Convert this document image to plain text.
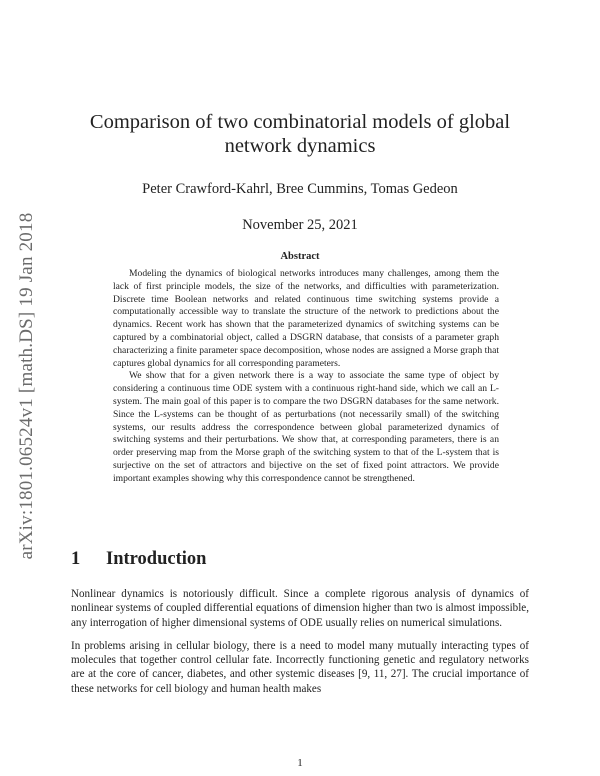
arXiv:1801.06524v1 [math.DS] 19 Jan 2018
Comparison of two combinatorial models of global network dynamics
Peter Crawford-Kahrl, Bree Cummins, Tomas Gedeon
November 25, 2021
Abstract

Modeling the dynamics of biological networks introduces many challenges, among them the lack of first principle models, the size of the networks, and difficulties with parameterization. Discrete time Boolean networks and related continuous time switching systems provide a computationally accessible way to translate the structure of the network to predictions about the dynamics. Recent work has shown that the parameterized dynamics of switching systems can be captured by a combinatorial object, called a DSGRN database, that consists of a parameter graph characterizing a finite parameter space decomposition, whose nodes are assigned a Morse graph that captures global dynamics for all corresponding parameters.

We show that for a given network there is a way to associate the same type of object by considering a continuous time ODE system with a continuous right-hand side, which we call an L-system. The main goal of this paper is to compare the two DSGRN databases for the same network. Since the L-systems can be thought of as perturbations (not necessarily small) of the switching systems, our results address the correspondence between global parameterized dynamics of switching systems and their perturbations. We show that, at corresponding parameters, there is an order preserving map from the Morse graph of the switching system to that of the L-system that is surjective on the set of attractors and bijective on the set of fixed point attractors. We provide important examples showing why this correspondence cannot be strengthened.

1 Introduction

Nonlinear dynamics is notoriously difficult. Since a complete rigorous analysis of dynamics of nonlinear systems of coupled differential equations of dimension higher than two is almost impossible, any interrogation of higher dimensional systems of ODE usually relies on numerical simulations.

In problems arising in cellular biology, there is a need to model many mutually interacting types of molecules that together control cellular fate. Incorrectly functioning genetic and regulatory networks are at the core of cancer, diabetes, and other systemic diseases [9, 11, 27]. The crucial importance of these networks for cell biology and human health makes

1
